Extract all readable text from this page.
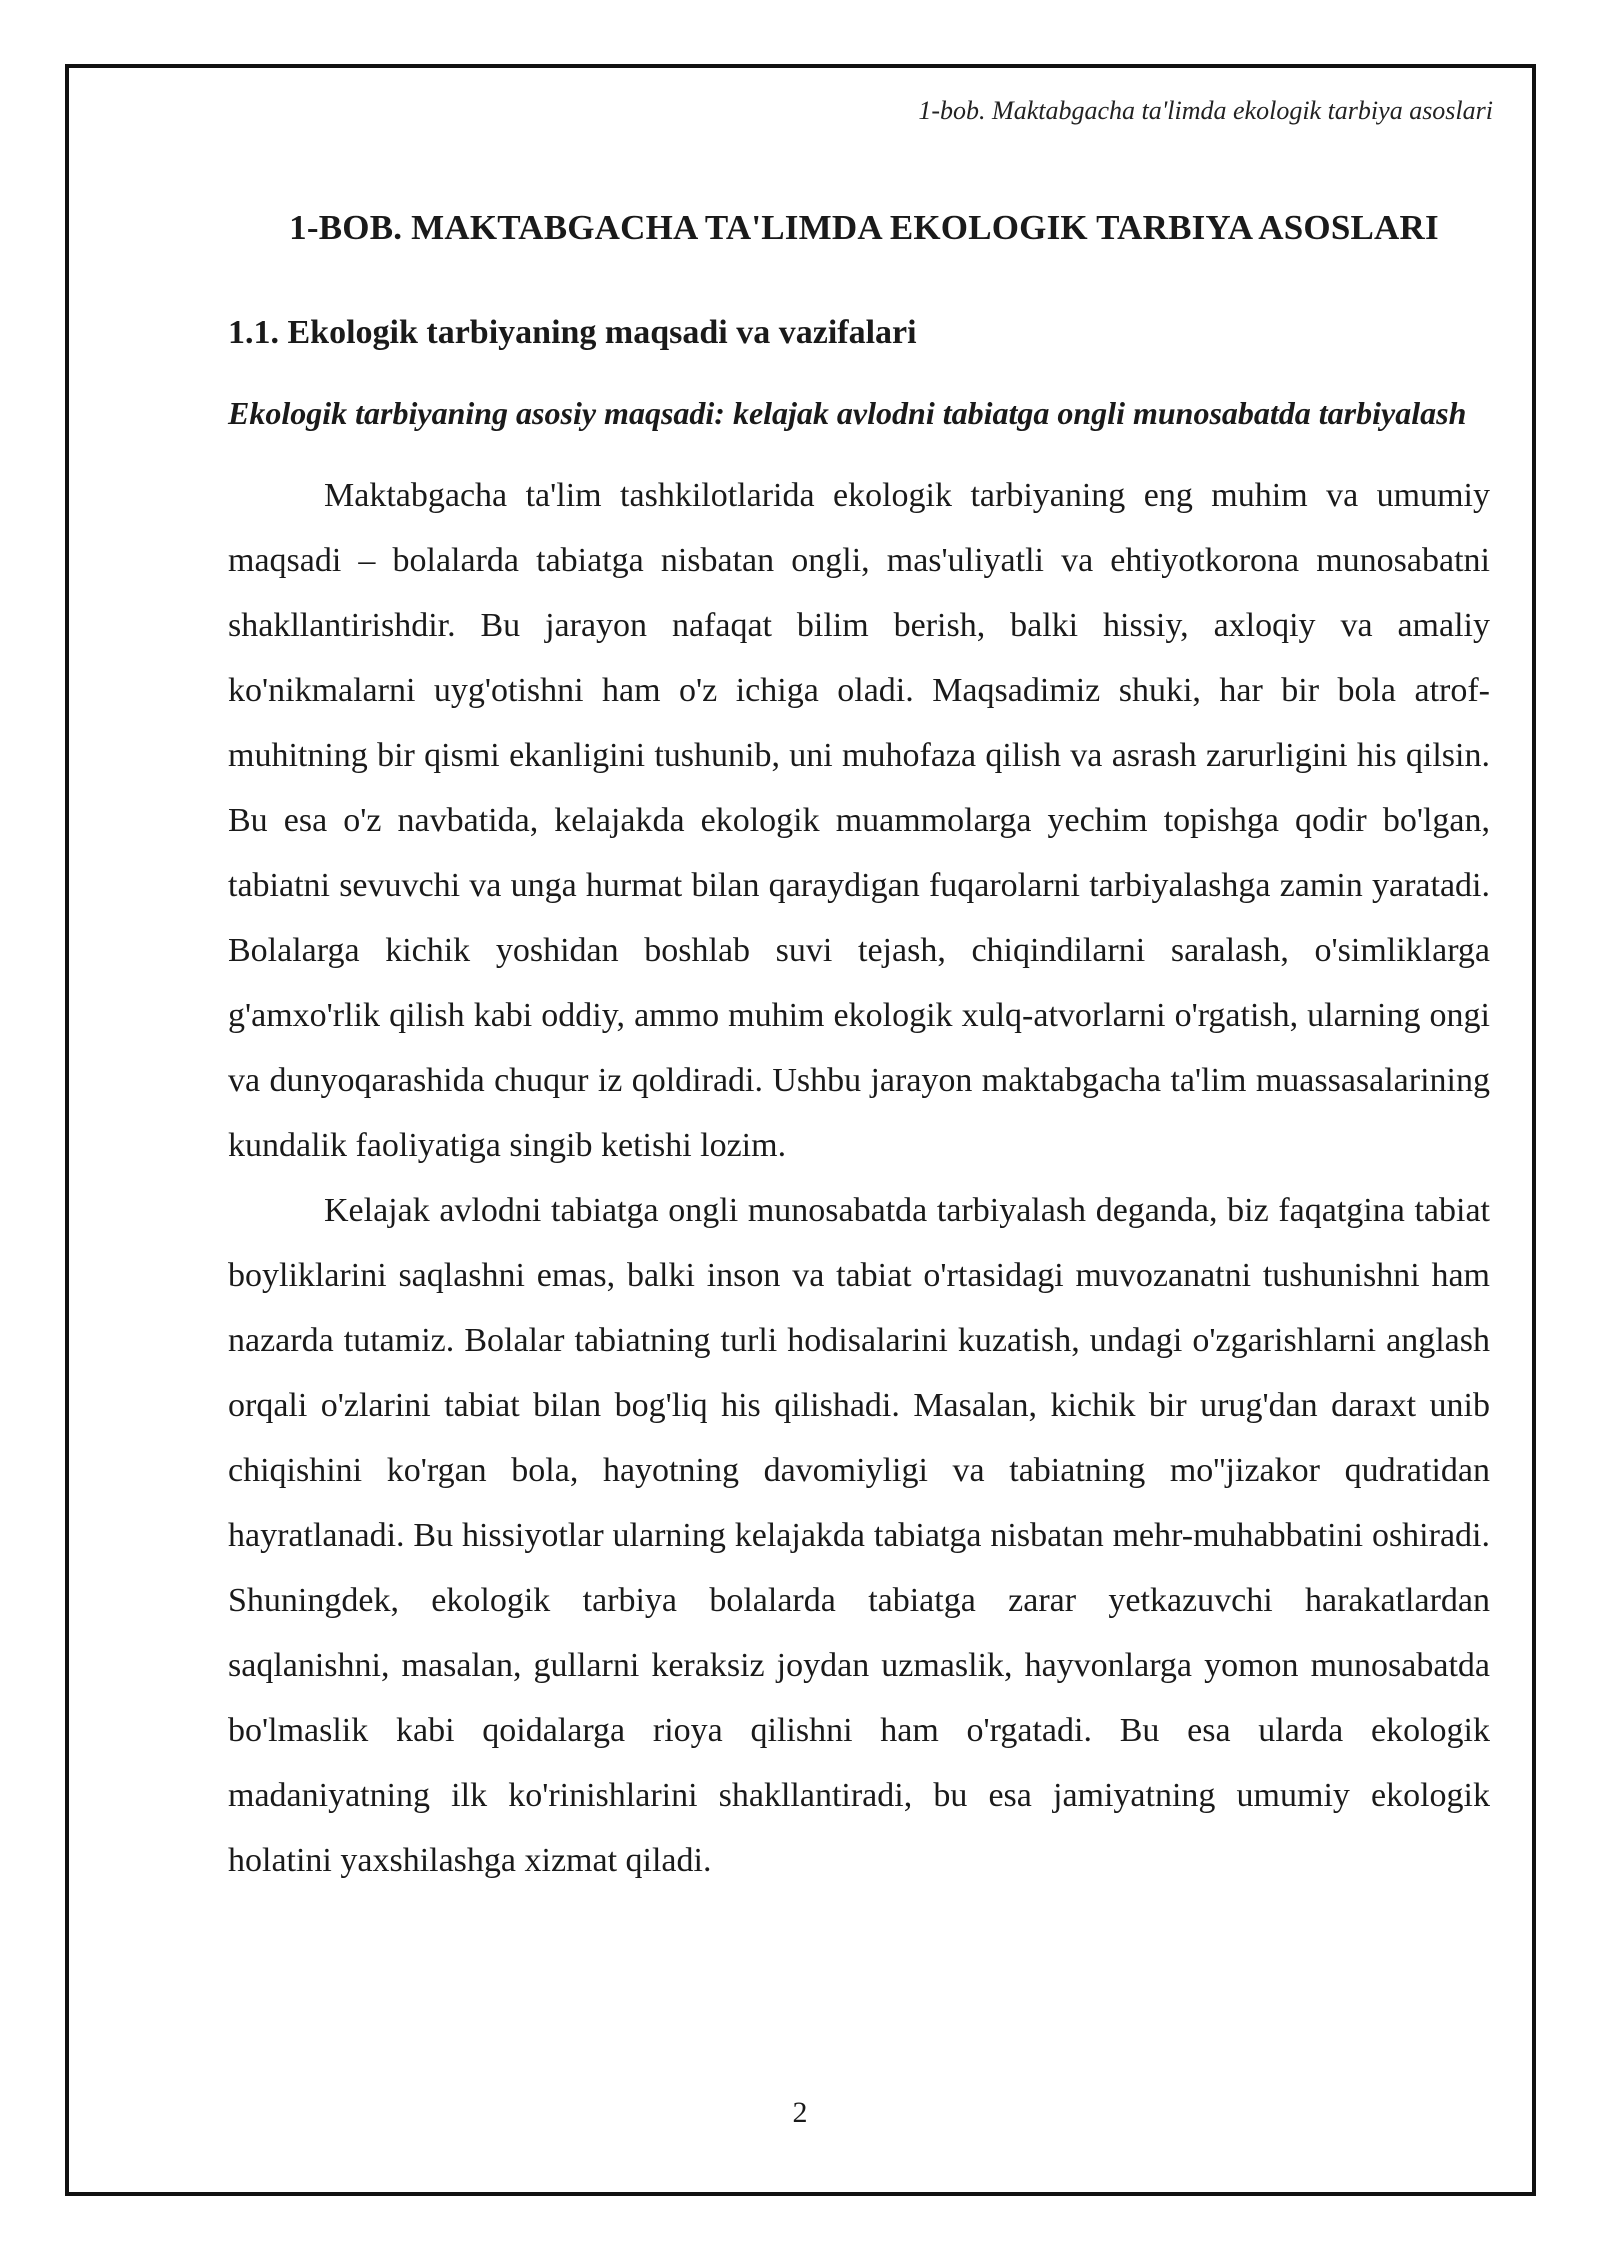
1-bob. Maktabgacha ta'limda ekologik tarbiya asoslari
1-BOB. MAKTABGACHA TA'LIMDA EKOLOGIK TARBIYA ASOSLARI
1.1. Ekologik tarbiyaning maqsadi va vazifalari
Ekologik tarbiyaning asosiy maqsadi: kelajak avlodni tabiatga ongli munosabatda tarbiyalash

Maktabgacha ta'lim tashkilotlarida ekologik tarbiyaning eng muhim va umumiy maqsadi – bolalarda tabiatga nisbatan ongli, mas'uliyatli va ehtiyotkorona munosabatni shakllantirishdir. Bu jarayon nafaqat bilim berish, balki hissiy, axloqiy va amaliy ko'nikmalarni uyg'otishni ham o'z ichiga oladi. Maqsadimiz shuki, har bir bola atrof-muhitning bir qismi ekanligini tushunib, uni muhofaza qilish va asrash zarurligini his qilsin. Bu esa o'z navbatida, kelajakda ekologik muammolarga yechim topishga qodir bo'lgan, tabiatni sevuvchi va unga hurmat bilan qaraydigan fuqarolarni tarbiyalashga zamin yaratadi. Bolalarga kichik yoshidan boshlab suvi tejash, chiqindilarni saralash, o'simliklarga g'amxo'rlik qilish kabi oddiy, ammo muhim ekologik xulq-atvorlarni o'rgatish, ularning ongi va dunyoqarashida chuqur iz qoldiradi. Ushbu jarayon maktabgacha ta'lim muassasalarining kundalik faoliyatiga singib ketishi lozim.

Kelajak avlodni tabiatga ongli munosabatda tarbiyalash deganda, biz faqatgina tabiat boyliklarini saqlashni emas, balki inson va tabiat o'rtasidagi muvozanatni tushunishni ham nazarda tutamiz. Bolalar tabiatning turli hodisalarini kuzatish, undagi o'zgarishlarni anglash orqali o'zlarini tabiat bilan bog'liq his qilishadi. Masalan, kichik bir urug'dan daraxt unib chiqishini ko'rgan bola, hayotning davomiyligi va tabiatning mo''jizakor qudratidan hayratlanadi. Bu hissiyotlar ularning kelajakda tabiatga nisbatan mehr-muhabbatini oshiradi. Shuningdek, ekologik tarbiya bolalarda tabiatga zarar yetkazuvchi harakatlardan saqlanishni, masalan, gullarni keraksiz joydan uzmaslik, hayvonlarga yomon munosabatda bo'lmaslik kabi qoidalarga rioya qilishni ham o'rgatadi. Bu esa ularda ekologik madaniyatning ilk ko'rinishlarini shakllantiradi, bu esa jamiyatning umumiy ekologik holatini yaxshilashga xizmat qiladi.

2
